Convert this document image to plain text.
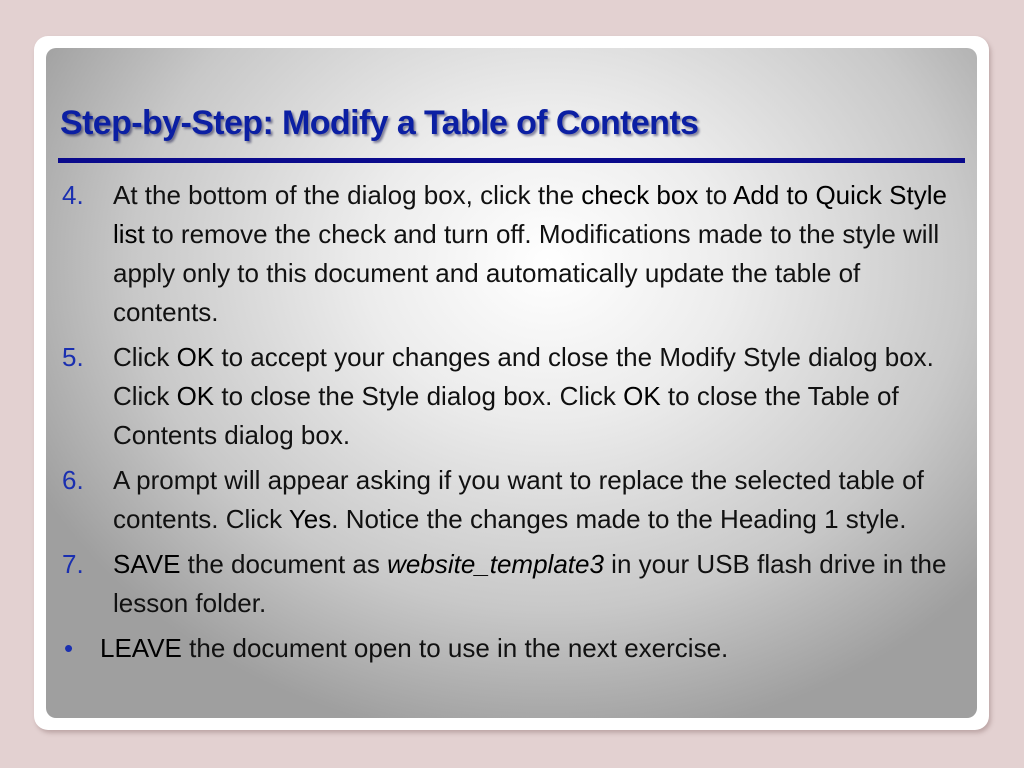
Step-by-Step: Modify a Table of Contents
4. At the bottom of the dialog box, click the check box to Add to Quick Style list to remove the check and turn off. Modifications made to the style will apply only to this document and automatically update the table of contents.
5. Click OK to accept your changes and close the Modify Style dialog box. Click OK to close the Style dialog box. Click OK to close the Table of Contents dialog box.
6. A prompt will appear asking if you want to replace the selected table of contents. Click Yes. Notice the changes made to the Heading 1 style.
7. SAVE the document as website_template3 in your USB flash drive in the lesson folder.
• LEAVE the document open to use in the next exercise.
